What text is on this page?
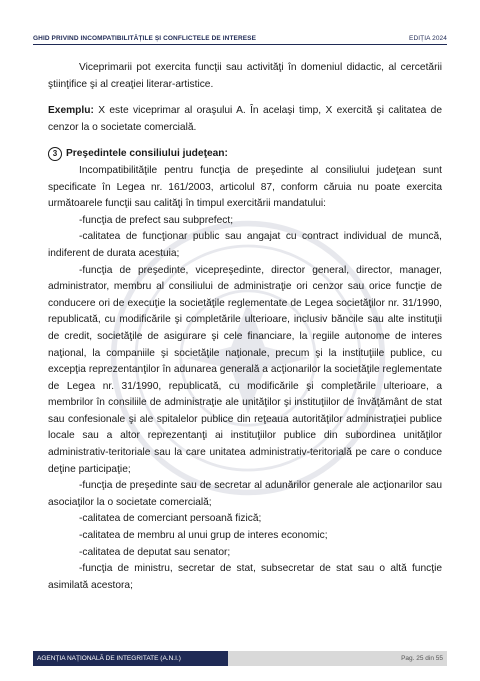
GHID PRIVIND INCOMPATIBILITĂȚILE ȘI CONFLICTELE DE INTERESE	EDIȚIA 2024

Viceprimarii pot exercita funcţii sau activităţi în domeniul didactic, al cercetării ştiinţifice şi al creaţiei literar-artistice.

Exemplu: X este viceprimar al oraşului A. În acelaşi timp, X exercită şi calitatea de cenzor la o societate comercială.

3 Preşedintele consiliului judeţean:

Incompatibilităţile pentru funcţia de preşedinte al consiliului judeţean sunt specificate în Legea nr. 161/2003, articolul 87, conform căruia nu poate exercita următoarele funcţii sau calităţi în timpul exercitării mandatului:

-funcţia de prefect sau subprefect;

-calitatea de funcţionar public sau angajat cu contract individual de muncă, indiferent de durata acestuia;

-funcţia de preşedinte, vicepreşedinte, director general, director, manager, administrator, membru al consiliului de administraţie ori cenzor sau orice funcţie de conducere ori de execuţie la societăţile reglementate de Legea societăţilor nr. 31/1990, republicată, cu modificările şi completările ulterioare, inclusiv băncile sau alte instituţii de credit, societăţile de asigurare şi cele financiare, la regiile autonome de interes naţional, la companiile şi societăţile naţionale, precum şi la instituţiile publice, cu excepţia reprezentanţilor în adunarea generală a acţionarilor la societăţile reglementate de Legea nr. 31/1990, republicată, cu modificările şi completările ulterioare, a membrilor în consiliile de administraţie ale unităţilor şi instituţiilor de învăţământ de stat sau confesionale şi ale spitalelor publice din reţeaua autorităţilor administraţiei publice locale sau a altor reprezentanţi ai instituţiilor publice din subordinea unităţilor administrativ-teritoriale sau la care unitatea administrativ-teritorială pe care o conduce deţine participaţie;

-funcţia de preşedinte sau de secretar al adunărilor generale ale acţionarilor sau asociaţilor la o societate comercială;

-calitatea de comerciant persoană fizică;

-calitatea de membru al unui grup de interes economic;

-calitatea de deputat sau senator;

-funcţia de ministru, secretar de stat, subsecretar de stat sau o altă funcţie asimilată acestora;

AGENȚIA NAȚIONALĂ DE INTEGRITATE (A.N.I.)	Pag. 25 din 55
